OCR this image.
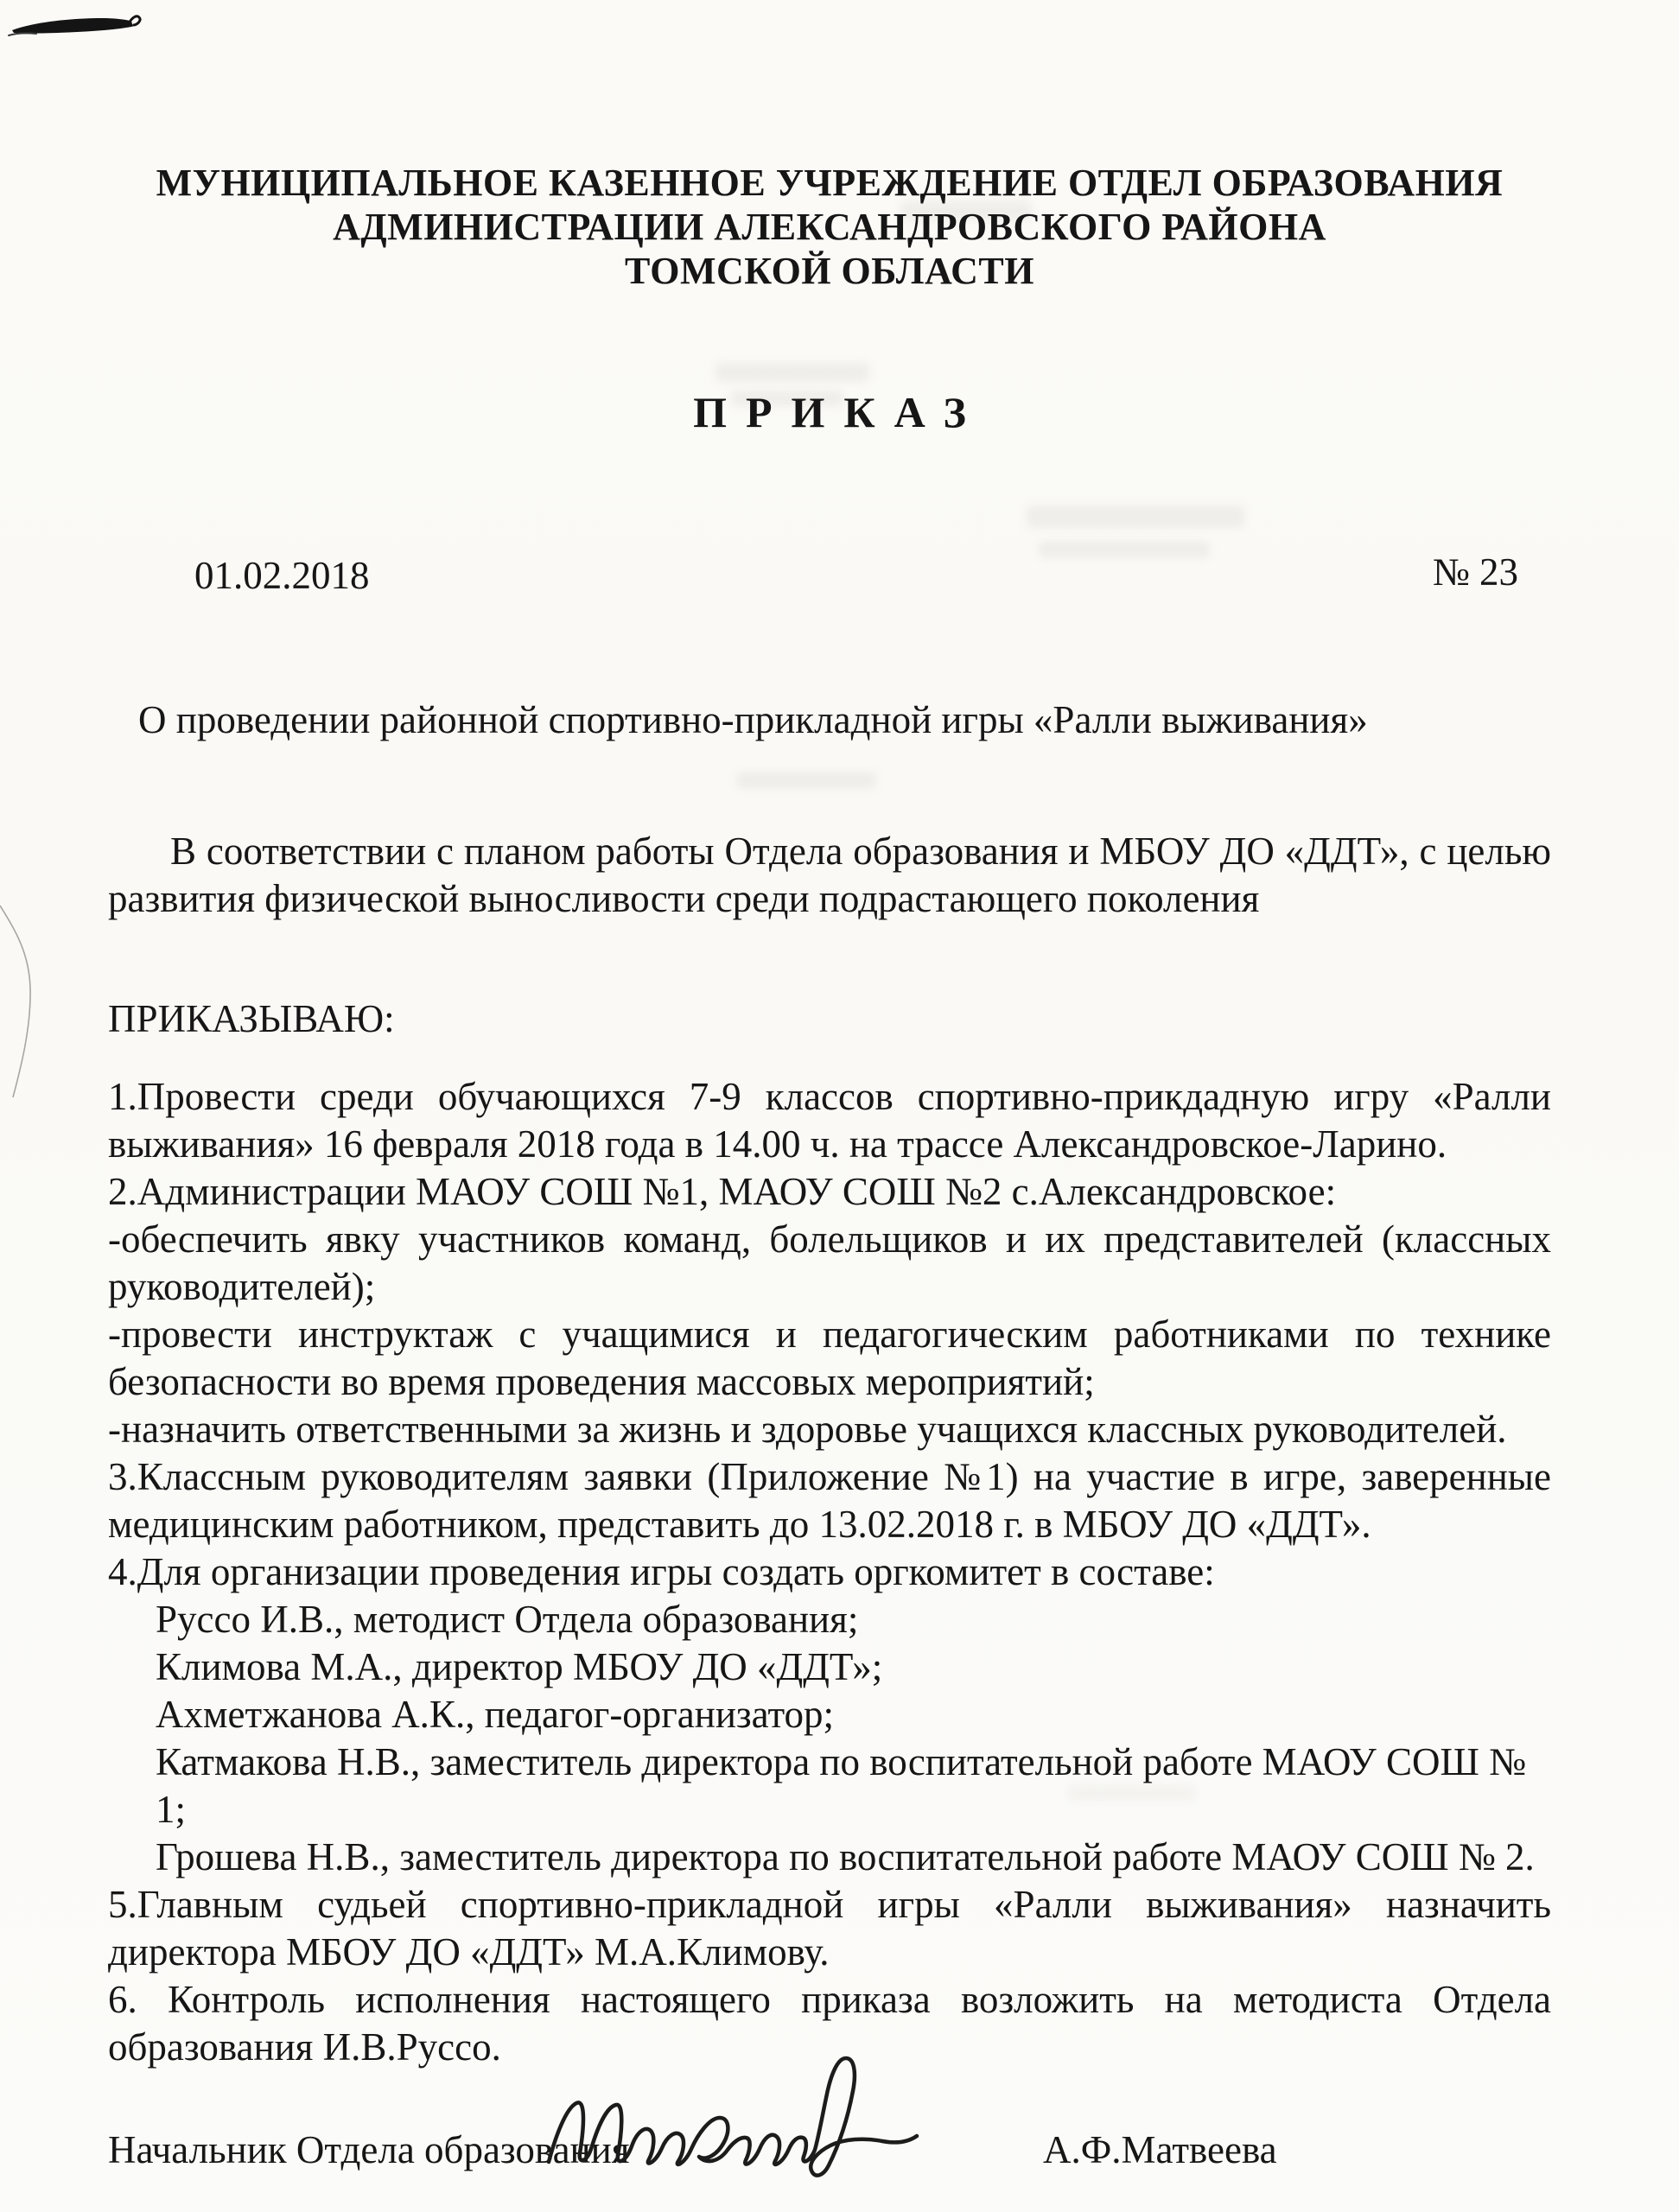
МУНИЦИПАЛЬНОЕ КАЗЕННОЕ УЧРЕЖДЕНИЕ ОТДЕЛ ОБРАЗОВАНИЯ
АДМИНИСТРАЦИИ АЛЕКСАНДРОВСКОГО РАЙОНА
ТОМСКОЙ ОБЛАСТИ
ПРИКАЗ
01.02.2018	№ 23
О проведении районной спортивно-прикладной игры «Ралли выживания»
В соответствии с планом работы Отдела образования и МБОУ ДО «ДДТ», с целью развития физической выносливости среди подрастающего поколения
ПРИКАЗЫВАЮ:

1.Провести среди обучающихся 7-9 классов спортивно-прикдадную игру «Ралли выживания» 16 февраля 2018 года в 14.00 ч. на трассе Александровское-Ларино.

2.Администрации МАОУ СОШ №1, МАОУ СОШ №2 с.Александровское:

-обеспечить явку участников команд, болельщиков и их представителей (классных руководителей);

-провести инструктаж с учащимися и педагогическим работниками по технике безопасности во время проведения массовых мероприятий;

-назначить ответственными за жизнь и здоровье учащихся классных руководителей.

3.Классным руководителям заявки (Приложение №1) на участие в игре, заверенные медицинским работником, представить до 13.02.2018 г. в МБОУ ДО «ДДТ».

4.Для организации проведения игры создать оргкомитет в составе:

Руссо И.В., методист Отдела образования;

Климова М.А., директор МБОУ ДО «ДДТ»;

Ахметжанова А.К., педагог-организатор;

Катмакова Н.В., заместитель директора по воспитательной работе МАОУ СОШ № 1;

Грошева Н.В., заместитель директора по воспитательной работе МАОУ СОШ № 2.

5.Главным судьей спортивно-прикладной игры «Ралли выживания» назначить директора МБОУ ДО «ДДТ» М.А.Климову.

6. Контроль исполнения настоящего приказа возложить на методиста Отдела образования И.В.Руссо.

Начальник Отдела образования	А.Ф.Матвеева
